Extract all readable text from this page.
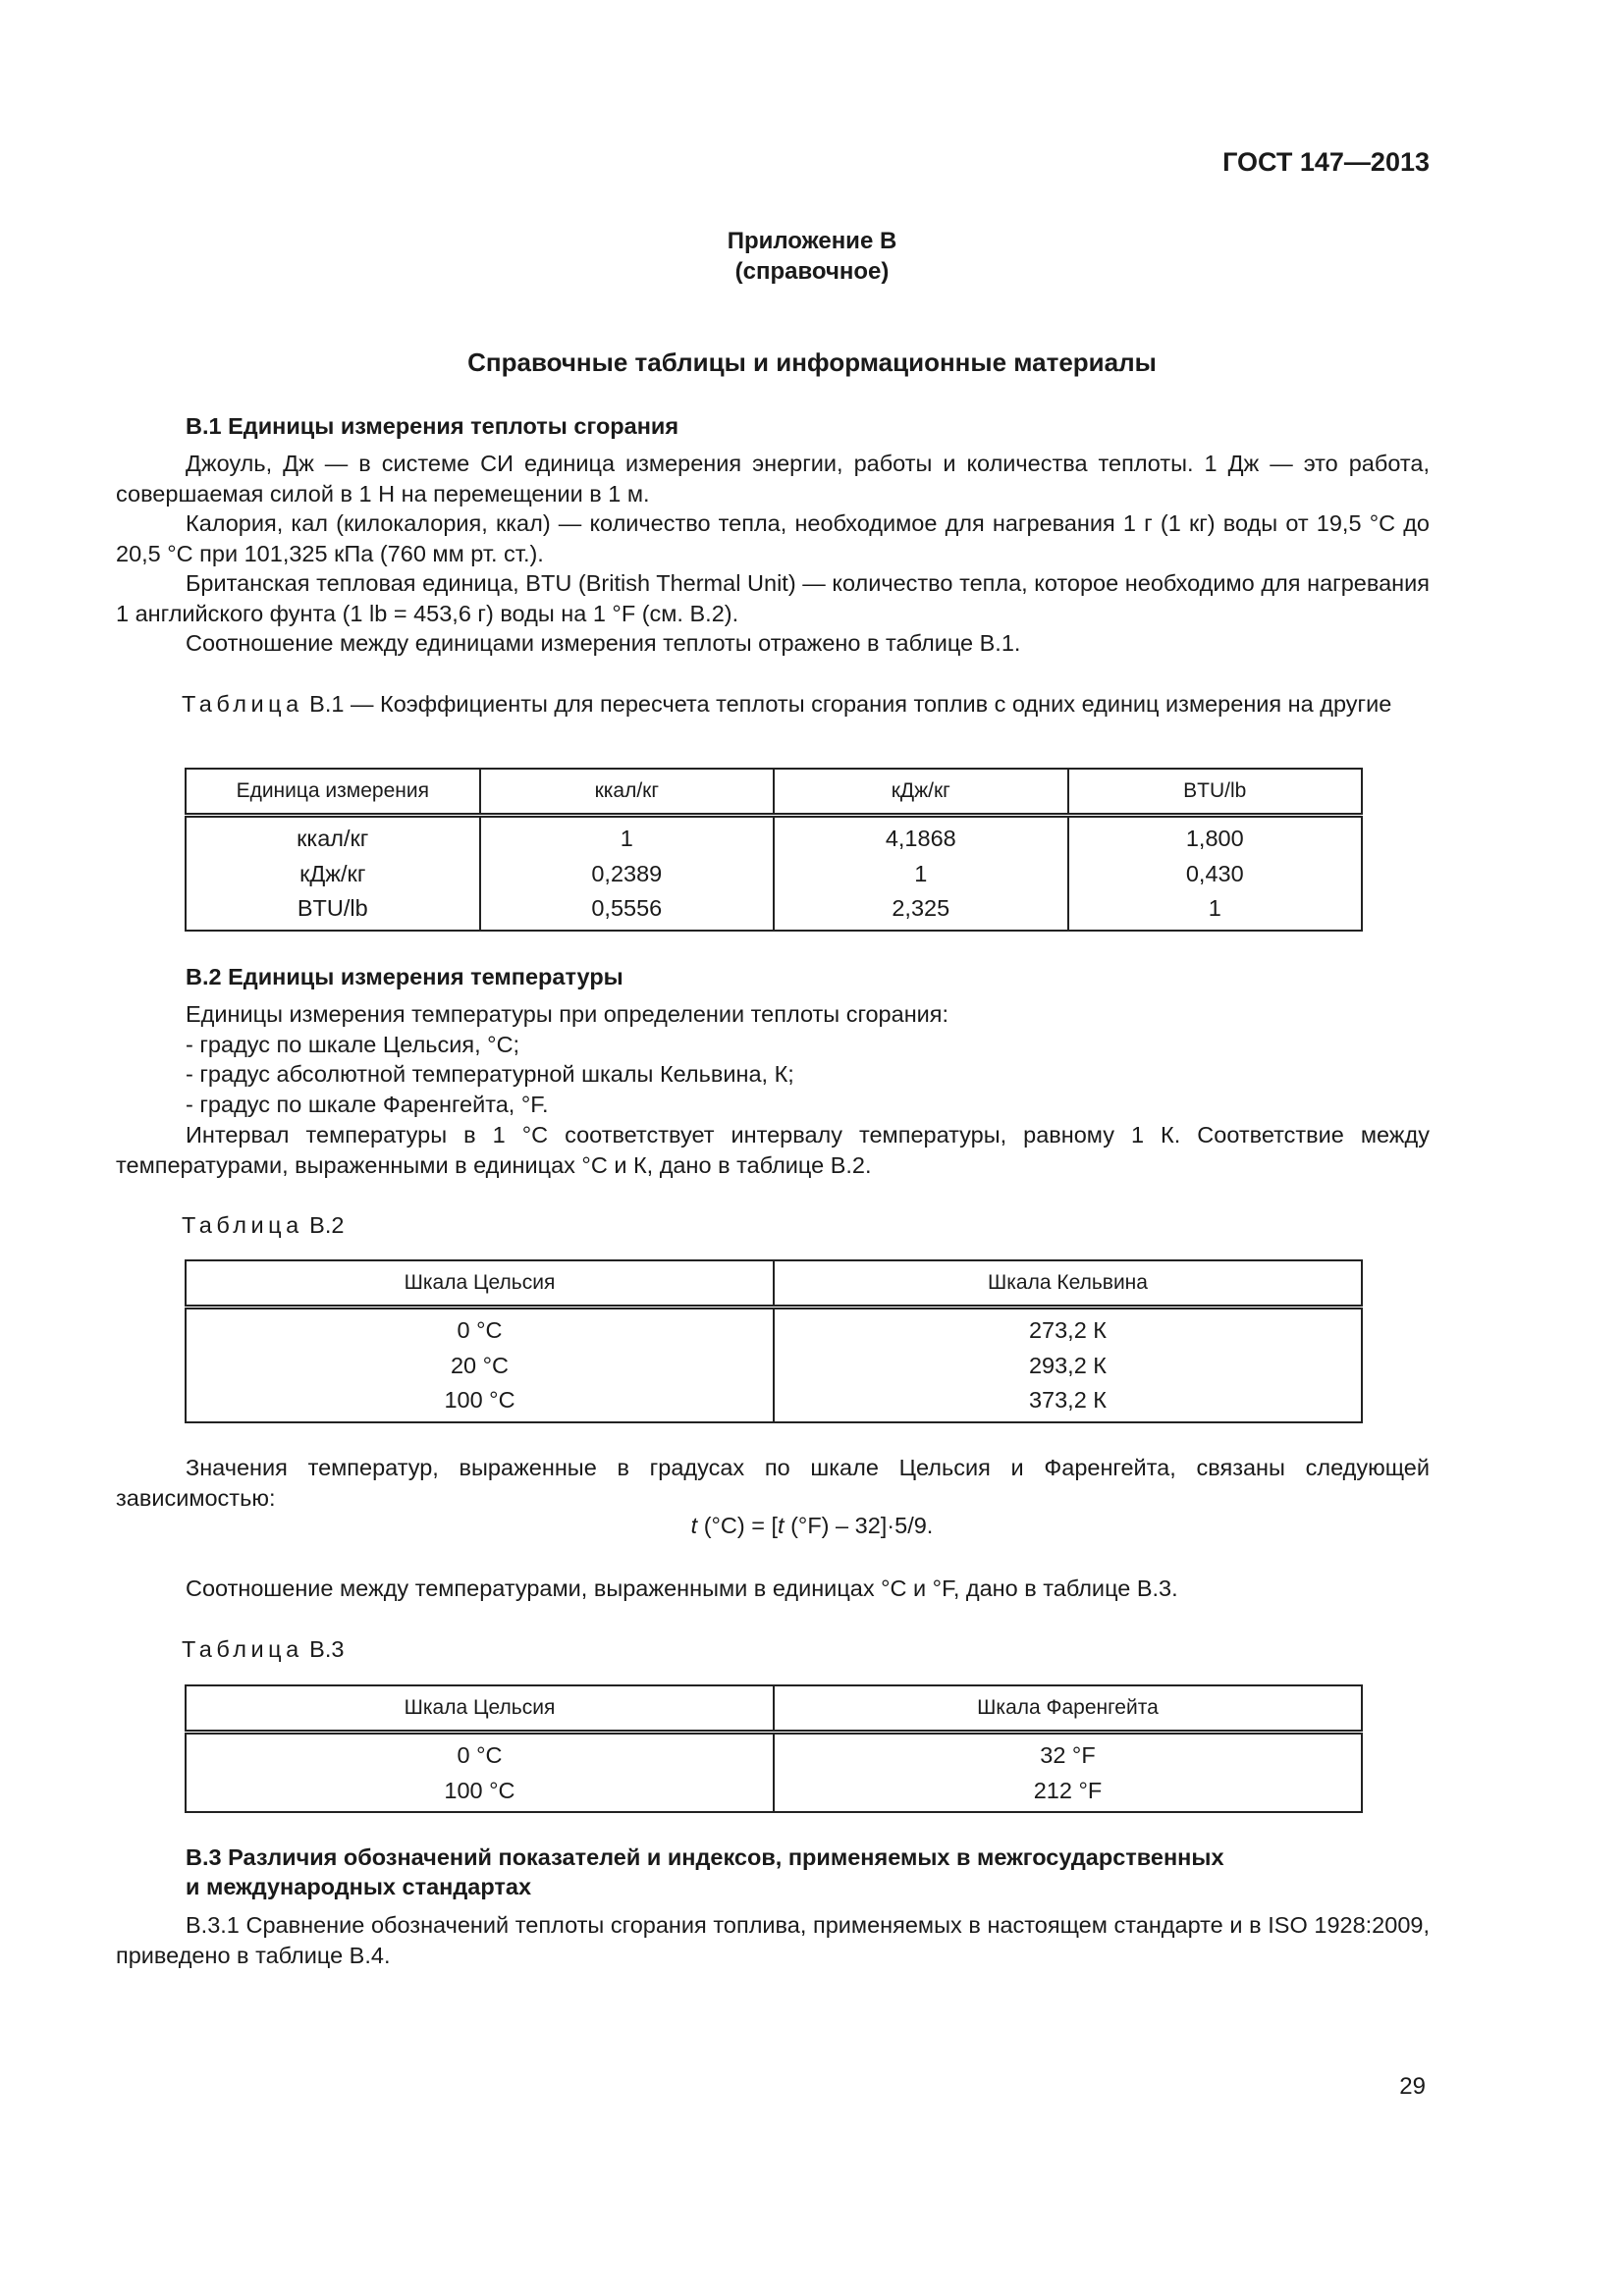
ГОСТ 147—2013
Приложение В
(справочное)
Справочные таблицы и информационные материалы
В.1 Единицы измерения теплоты сгорания
Джоуль, Дж — в системе СИ единица измерения энергии, работы и количества теплоты. 1 Дж — это работа, совершаемая силой в 1 Н на перемещении в 1 м.
Калория, кал (килокалория, ккал) — количество тепла, необходимое для нагревания 1 г (1 кг) воды от 19,5 °С до 20,5 °С при 101,325 кПа (760 мм рт. ст.).
Британская тепловая единица, BTU (British Thermal Unit) — количество тепла, которое необходимо для нагревания 1 английского фунта (1 lb = 453,6 г) воды на 1 °F (см. В.2).
Соотношение между единицами измерения теплоты отражено в таблице В.1.
Таблица В.1 — Коэффициенты для пересчета теплоты сгорания топлив с одних единиц измерения на другие
Единица измерения	ккал/кг	кДж/кг	BTU/lb
ккал/кг	1	4,1868	1,800
кДж/кг	0,2389	1	0,430
BTU/lb	0,5556	2,325	1
В.2 Единицы измерения температуры
Единицы измерения температуры при определении теплоты сгорания:
- градус по шкале Цельсия, °С;
- градус абсолютной температурной шкалы Кельвина, К;
- градус по шкале Фаренгейта, °F.
Интервал температуры в 1 °С соответствует интервалу температуры, равному 1 К. Соответствие между температурами, выраженными в единицах °С и К, дано в таблице В.2.
Таблица В.2
Шкала Цельсия	Шкала Кельвина
0 °С	273,2 К
20 °С	293,2 К
100 °С	373,2 К
Значения температур, выраженные в градусах по шкале Цельсия и Фаренгейта, связаны следующей зависимостью:
t (°С) = [t (°F) – 32]·5/9.
Соотношение между температурами, выраженными в единицах °С и °F, дано в таблице В.3.
Таблица В.3
Шкала Цельсия	Шкала Фаренгейта
0 °С	32 °F
100 °С	212 °F
В.3 Различия обозначений показателей и индексов, применяемых в межгосударственных
и международных стандартах
В.3.1 Сравнение обозначений теплоты сгорания топлива, применяемых в настоящем стандарте и в ISO 1928:2009, приведено в таблице В.4.
29
